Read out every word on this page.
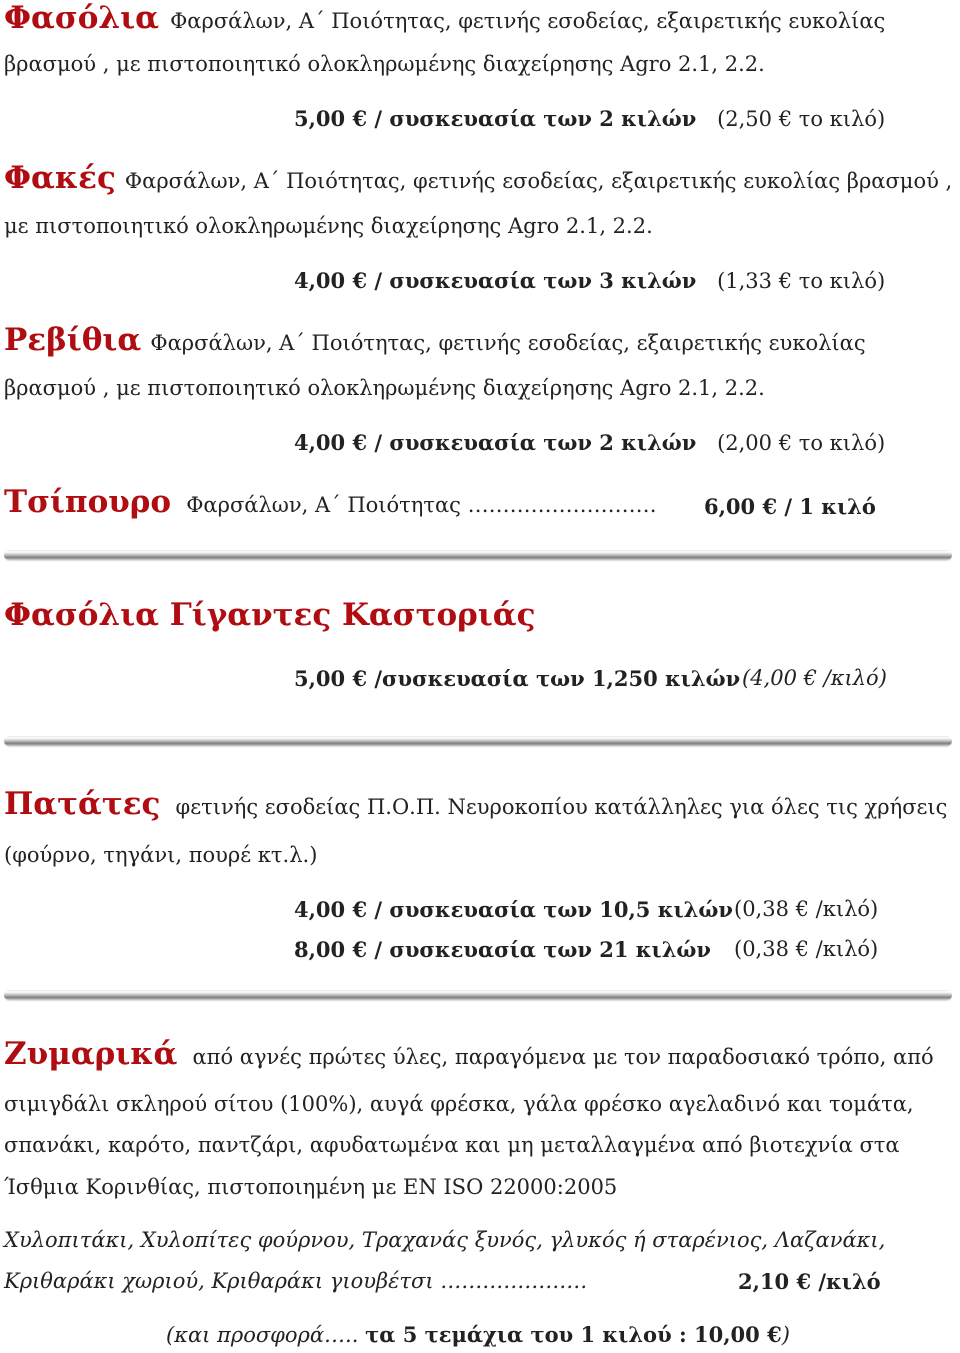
Φασόλια Φαρσάλων, Α΄ Ποιότητας, φετινής εσοδείας, εξαιρετικής ευκολίας
βρασμού , με πιστοποιητικό ολοκληρωμένης διαχείρησης Agro 2.1, 2.2.
5,00 € / συσκευασία των 2 κιλών (2,50 € το κιλό)
Φακές Φαρσάλων, Α΄ Ποιότητας, φετινής εσοδείας, εξαιρετικής ευκολίας βρασμού ,
με πιστοποιητικό ολοκληρωμένης διαχείρησης Agro 2.1, 2.2.
4,00 € / συσκευασία των 3 κιλών (1,33 € το κιλό)
Ρεβίθια Φαρσάλων, Α΄ Ποιότητας, φετινής εσοδείας, εξαιρετικής ευκολίας
βρασμού , με πιστοποιητικό ολοκληρωμένης διαχείρησης Agro 2.1, 2.2.
4,00 € / συσκευασία των 2 κιλών (2,00 € το κιλό)
Τσίπουρο Φαρσάλων, Α΄ Ποιότητας ……………………… 6,00 € / 1 κιλό
Φασόλια Γίγαντες Καστοριάς
5,00 € /συσκευασία των 1,250 κιλών (4,00 € /κιλό)
Πατάτες φετινής εσοδείας Π.Ο.Π. Νευροκοπίου κατάλληλες για όλες τις χρήσεις
(φούρνο, τηγάνι, πουρέ κτ.λ.)
4,00 € / συσκευασία των 10,5 κιλών (0,38 € /κιλό)
8,00 € / συσκευασία των 21 κιλών (0,38 € /κιλό)
Ζυμαρικά από αγνές πρώτες ύλες, παραγόμενα με τον παραδοσιακό τρόπο, από
σιμιγδάλι σκληρού σίτου (100%), αυγά φρέσκα, γάλα φρέσκο αγελαδινό και τομάτα,
σπανάκι, καρότο, παντζάρι, αφυδατωμένα και μη μεταλλαγμένα από βιοτεχνία στα
Ίσθμια Κορινθίας, πιστοποιημένη με EN ISO 22000:2005
Χυλοπιτάκι, Χυλοπίτες φούρνου, Τραχανάς ξυνός, γλυκός ή σταρένιος, Λαζανάκι,
Κριθαράκι χωριού, Κριθαράκι γιουβέτσι …………………	2,10 € /κιλό
(και προσφορά….. τα 5 τεμάχια του 1 κιλού : 10,00 €)
